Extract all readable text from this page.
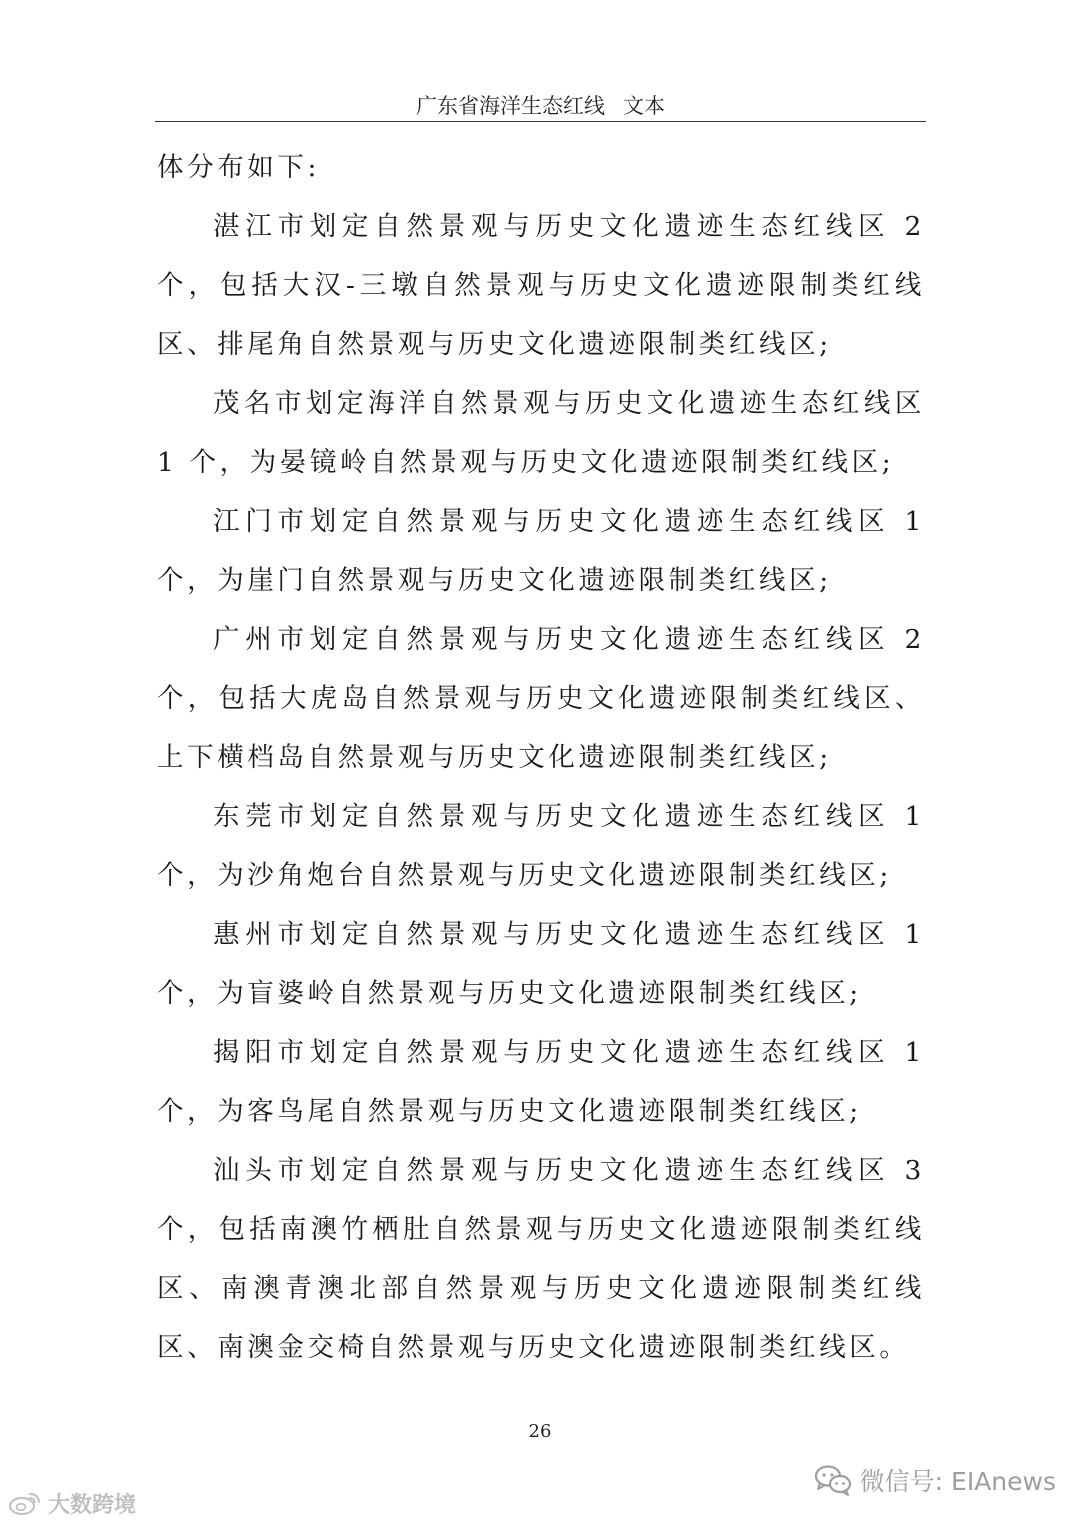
广东省海洋生态红线 文本

体分布如下:

湛江市划定自然景观与历史文化遗迹生态红线区 2 个，包括大汉-三墩自然景观与历史文化遗迹限制类红线区、排尾角自然景观与历史文化遗迹限制类红线区;

茂名市划定海洋自然景观与历史文化遗迹生态红线区 1 个，为晏镜岭自然景观与历史文化遗迹限制类红线区;

江门市划定自然景观与历史文化遗迹生态红线区 1 个，为崖门自然景观与历史文化遗迹限制类红线区;

广州市划定自然景观与历史文化遗迹生态红线区 2 个，包括大虎岛自然景观与历史文化遗迹限制类红线区、上下横档岛自然景观与历史文化遗迹限制类红线区;

东莞市划定自然景观与历史文化遗迹生态红线区 1 个，为沙角炮台自然景观与历史文化遗迹限制类红线区;

惠州市划定自然景观与历史文化遗迹生态红线区 1 个，为盲婆岭自然景观与历史文化遗迹限制类红线区;

揭阳市划定自然景观与历史文化遗迹生态红线区 1 个，为客鸟尾自然景观与历史文化遗迹限制类红线区;

汕头市划定自然景观与历史文化遗迹生态红线区 3 个，包括南澳竹栖肚自然景观与历史文化遗迹限制类红线区、南澳青澳北部自然景观与历史文化遗迹限制类红线区、南澳金交椅自然景观与历史文化遗迹限制类红线区。

26
大数跨境
微信号: EIAnews
